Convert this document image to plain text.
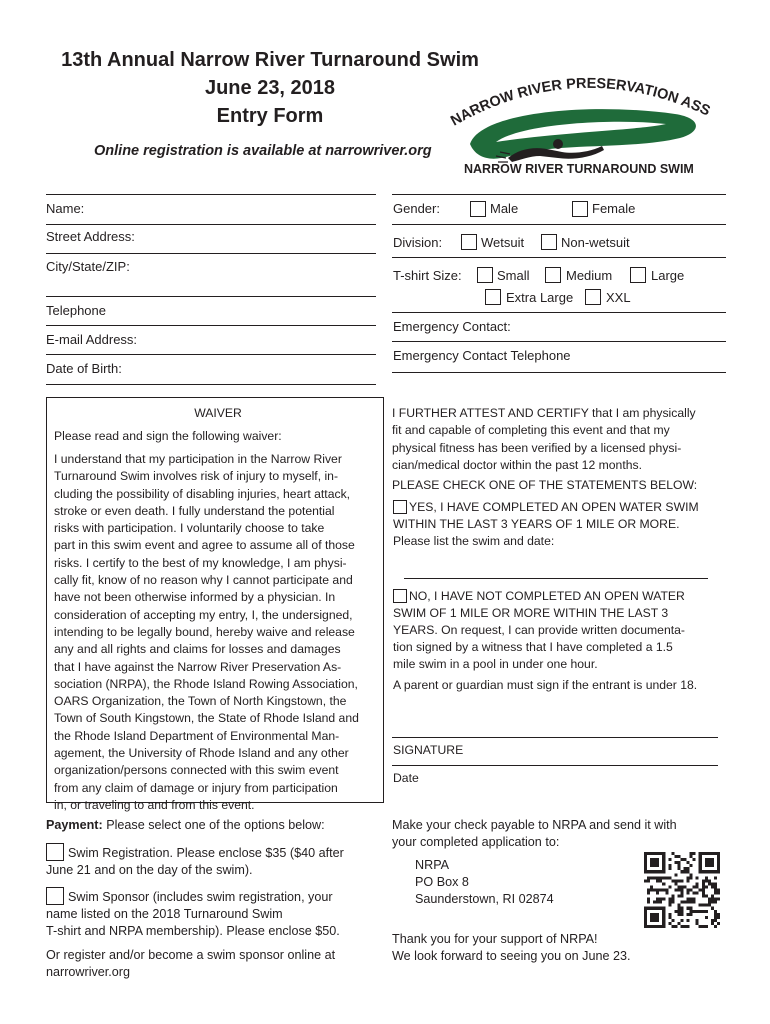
13th Annual Narrow River Turnaround Swim
June 23, 2018
Entry Form
Online registration is available at narrowriver.org
NARROW RIVER PRESERVATION ASS
NARROW RIVER TURNAROUND SWIM
Name:
Street Address:
City/State/ZIP:
Telephone
E-mail Address:
Date of Birth:
Gender:	Male	Female
Division:	Wetsuit	Non-wetsuit
T-shirt Size:	Small	Medium	Large
Extra Large	XXL
Emergency Contact:
Emergency Contact Telephone
WAIVER
Please read and sign the following waiver:
I understand that my participation in the Narrow River
Turnaround Swim involves risk of injury to myself, in-
cluding the possibility of disabling injuries, heart attack,
stroke or even death. I fully understand the potential
risks with participation. I voluntarily choose to take
part in this swim event and agree to assume all of those
risks. I certify to the best of my knowledge, I am physi-
cally fit, know of no reason why I cannot participate and
have not been otherwise informed by a physician. In
consideration of accepting my entry, I, the undersigned,
intending to be legally bound, hereby waive and release
any and all rights and claims for losses and damages
that I have against the Narrow River Preservation As-
sociation (NRPA), the Rhode Island Rowing Association,
OARS Organization, the Town of North Kingstown, the
Town of South Kingstown, the State of Rhode Island and
the Rhode Island Department of Environmental Man-
agement, the University of Rhode Island and any other
organization/persons connected with this swim event
from any claim of damage or injury from participation
in, or traveling to and from this event.
I FURTHER ATTEST AND CERTIFY that I am physically
fit and capable of completing this event and that my
physical fitness has been verified by a licensed physi-
cian/medical doctor within the past 12 months.
PLEASE CHECK ONE OF THE STATEMENTS BELOW:
YES, I HAVE COMPLETED AN OPEN WATER SWIM
WITHIN THE LAST 3 YEARS OF 1 MILE OR MORE.
Please list the swim and date:
NO, I HAVE NOT COMPLETED AN OPEN WATER
SWIM OF 1 MILE OR MORE WITHIN THE LAST 3
YEARS. On request, I can provide written documenta-
tion signed by a witness that I have completed a 1.5
mile swim in a pool in under one hour.
A parent or guardian must sign if the entrant is under 18.
SIGNATURE
Date
Payment: Please select one of the options below:
Swim Registration. Please enclose $35 ($40 after
June 21 and on the day of the swim).
Swim Sponsor (includes swim registration, your
name listed on the 2018 Turnaround Swim
T-shirt and NRPA membership). Please enclose $50.
Or register and/or become a swim sponsor online at
narrowriver.org
Make your check payable to NRPA and send it with
your completed application to:
NRPA
PO Box 8
Saunderstown, RI 02874
Thank you for your support of NRPA!
We look forward to seeing you on June 23.
